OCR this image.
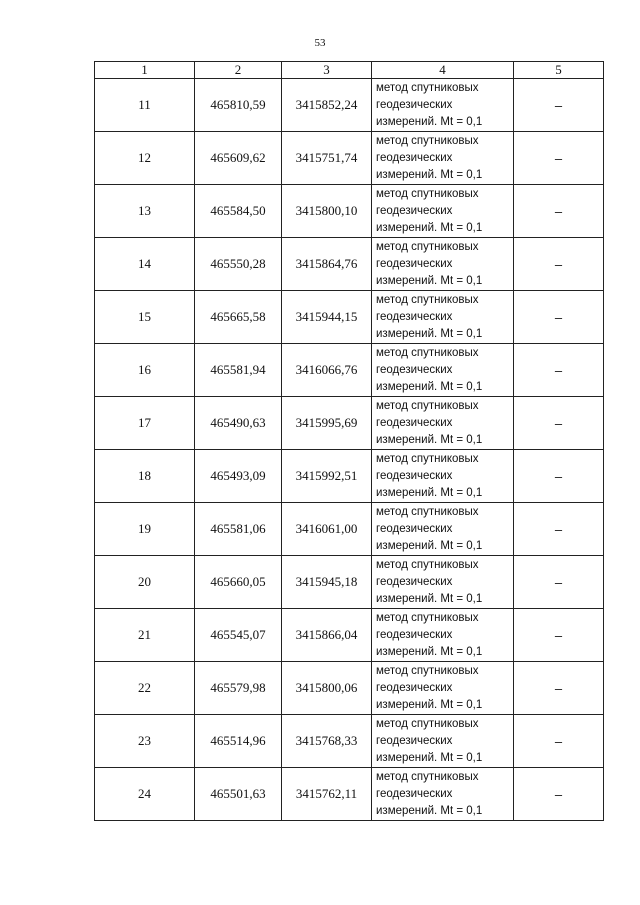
53
1	2	3	4	5
11	465810,59	3415852,24	метод спутниковых
геодезических
измерений. Mt = 0,1	–
12	465609,62	3415751,74	метод спутниковых
геодезических
измерений. Mt = 0,1	–
13	465584,50	3415800,10	метод спутниковых
геодезических
измерений. Mt = 0,1	–
14	465550,28	3415864,76	метод спутниковых
геодезических
измерений. Mt = 0,1	–
15	465665,58	3415944,15	метод спутниковых
геодезических
измерений. Mt = 0,1	–
16	465581,94	3416066,76	метод спутниковых
геодезических
измерений. Mt = 0,1	–
17	465490,63	3415995,69	метод спутниковых
геодезических
измерений. Mt = 0,1	–
18	465493,09	3415992,51	метод спутниковых
геодезических
измерений. Mt = 0,1	–
19	465581,06	3416061,00	метод спутниковых
геодезических
измерений. Mt = 0,1	–
20	465660,05	3415945,18	метод спутниковых
геодезических
измерений. Mt = 0,1	–
21	465545,07	3415866,04	метод спутниковых
геодезических
измерений. Mt = 0,1	–
22	465579,98	3415800,06	метод спутниковых
геодезических
измерений. Mt = 0,1	–
23	465514,96	3415768,33	метод спутниковых
геодезических
измерений. Mt = 0,1	–
24	465501,63	3415762,11	метод спутниковых
геодезических
измерений. Mt = 0,1	–
